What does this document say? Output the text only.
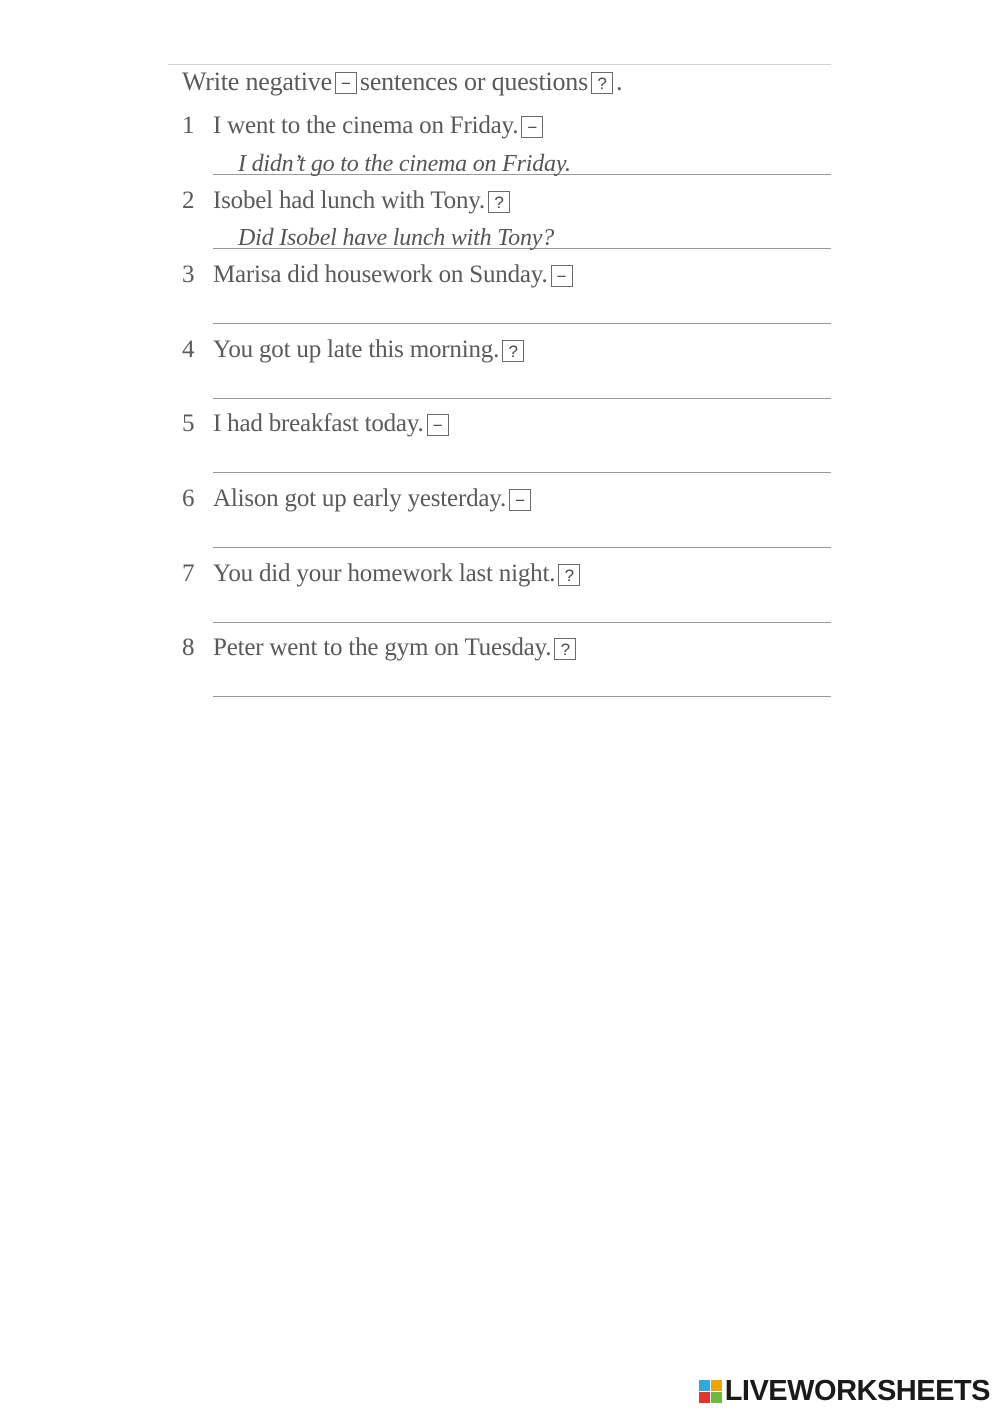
Write negative − sentences or questions ? .
1 I went to the cinema on Friday. −
I didn’t go to the cinema on Friday.
2 Isobel had lunch with Tony. ?
Did Isobel have lunch with Tony?
3 Marisa did housework on Sunday. −
4 You got up late this morning. ?
5 I had breakfast today. −
6 Alison got up early yesterday. −
7 You did your homework last night. ?
8 Peter went to the gym on Tuesday. ?
LIVEWORKSHEETS
